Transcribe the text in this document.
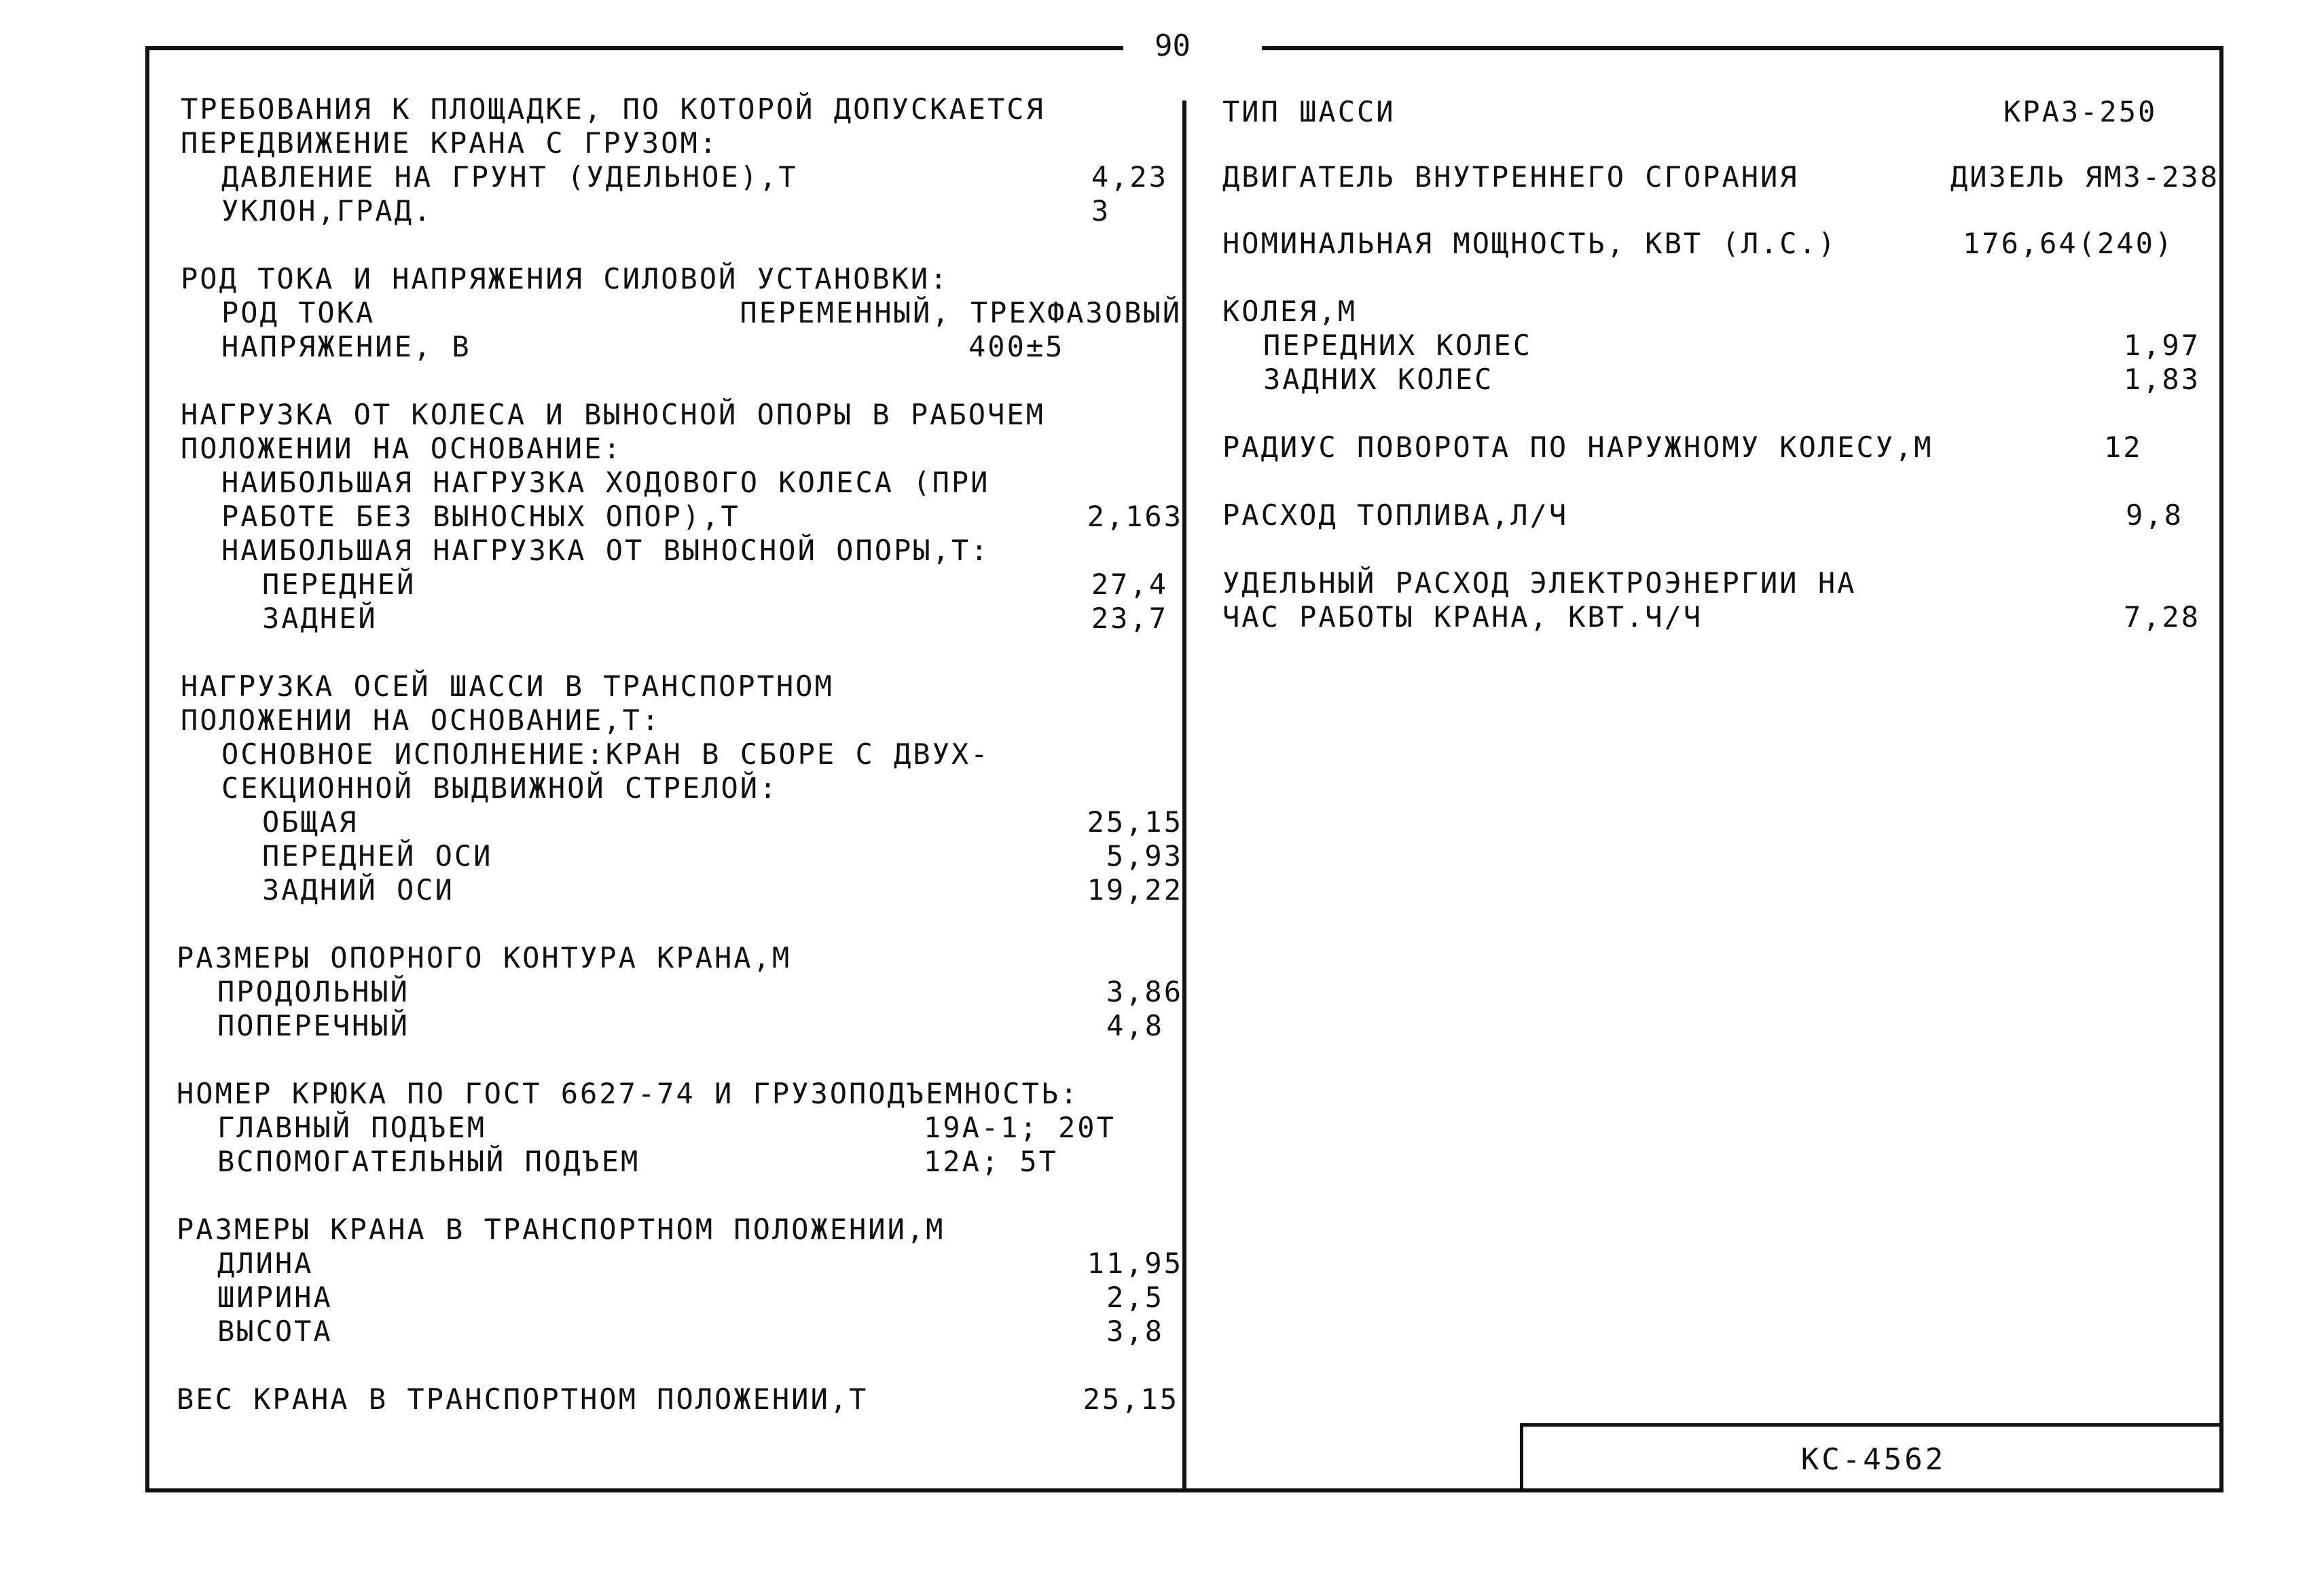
90
КС-4562
ТРЕБОВАНИЯ К ПЛОЩАДКЕ, ПО КОТОРОЙ ДОПУСКАЕТСЯ
ПЕРЕДВИЖЕНИЕ КРАНА С ГРУЗОМ:
ДАВЛЕНИЕ НА ГРУНТ (УДЕЛЬНОЕ),Т	4,23
УКЛОН,ГРАД.	3
РОД ТОКА И НАПРЯЖЕНИЯ СИЛОВОЙ УСТАНОВКИ:
РОД ТОКА	ПЕРЕМЕННЫЙ, ТРЕХФАЗОВЫЙ
НАПРЯЖЕНИЕ, В	400±5
НАГРУЗКА ОТ КОЛЕСА И ВЫНОСНОЙ ОПОРЫ В РАБОЧЕМ
ПОЛОЖЕНИИ НА ОСНОВАНИЕ:
НАИБОЛЬШАЯ НАГРУЗКА ХОДОВОГО КОЛЕСА (ПРИ
РАБОТЕ БЕЗ ВЫНОСНЫХ ОПОР),Т	2,163
НАИБОЛЬШАЯ НАГРУЗКА ОТ ВЫНОСНОЙ ОПОРЫ,Т:
ПЕРЕДНЕЙ	27,4
ЗАДНЕЙ	23,7
НАГРУЗКА ОСЕЙ ШАССИ В ТРАНСПОРТНОМ
ПОЛОЖЕНИИ НА ОСНОВАНИЕ,Т:
ОСНОВНОЕ ИСПОЛНЕНИЕ:КРАН В СБОРЕ С ДВУХ-
СЕКЦИОННОЙ ВЫДВИЖНОЙ СТРЕЛОЙ:
ОБЩАЯ	25,15
ПЕРЕДНЕЙ ОСИ	5,93
ЗАДНИЙ ОСИ	19,22
РАЗМЕРЫ ОПОРНОГО КОНТУРА КРАНА,М
ПРОДОЛЬНЫЙ	3,86
ПОПЕРЕЧНЫЙ	4,8
НОМЕР КРЮКА ПО ГОСТ 6627-74 И ГРУЗОПОДЪЕМНОСТЬ:
ГЛАВНЫЙ ПОДЪЕМ	19А-1; 20Т
ВСПОМОГАТЕЛЬНЫЙ ПОДЪЕМ	12А; 5Т
РАЗМЕРЫ КРАНА В ТРАНСПОРТНОМ ПОЛОЖЕНИИ,М
ДЛИНА	11,95
ШИРИНА	2,5
ВЫСОТА	3,8
ВЕС КРАНА В ТРАНСПОРТНОМ ПОЛОЖЕНИИ,Т	25,15
ТИП ШАССИ	КРАЗ-250
ДВИГАТЕЛЬ ВНУТРЕННЕГО СГОРАНИЯ	ДИЗЕЛЬ ЯМЗ-238
НОМИНАЛЬНАЯ МОЩНОСТЬ, КВТ (Л.С.)	176,64(240)
КОЛЕЯ,М
ПЕРЕДНИХ КОЛЕС	1,97
ЗАДНИХ КОЛЕС	1,83
РАДИУС ПОВОРОТА ПО НАРУЖНОМУ КОЛЕСУ,М	12
РАСХОД ТОПЛИВА,Л/Ч	9,8
УДЕЛЬНЫЙ РАСХОД ЭЛЕКТРОЭНЕРГИИ НА
ЧАС РАБОТЫ КРАНА, КВТ.Ч/Ч	7,28
